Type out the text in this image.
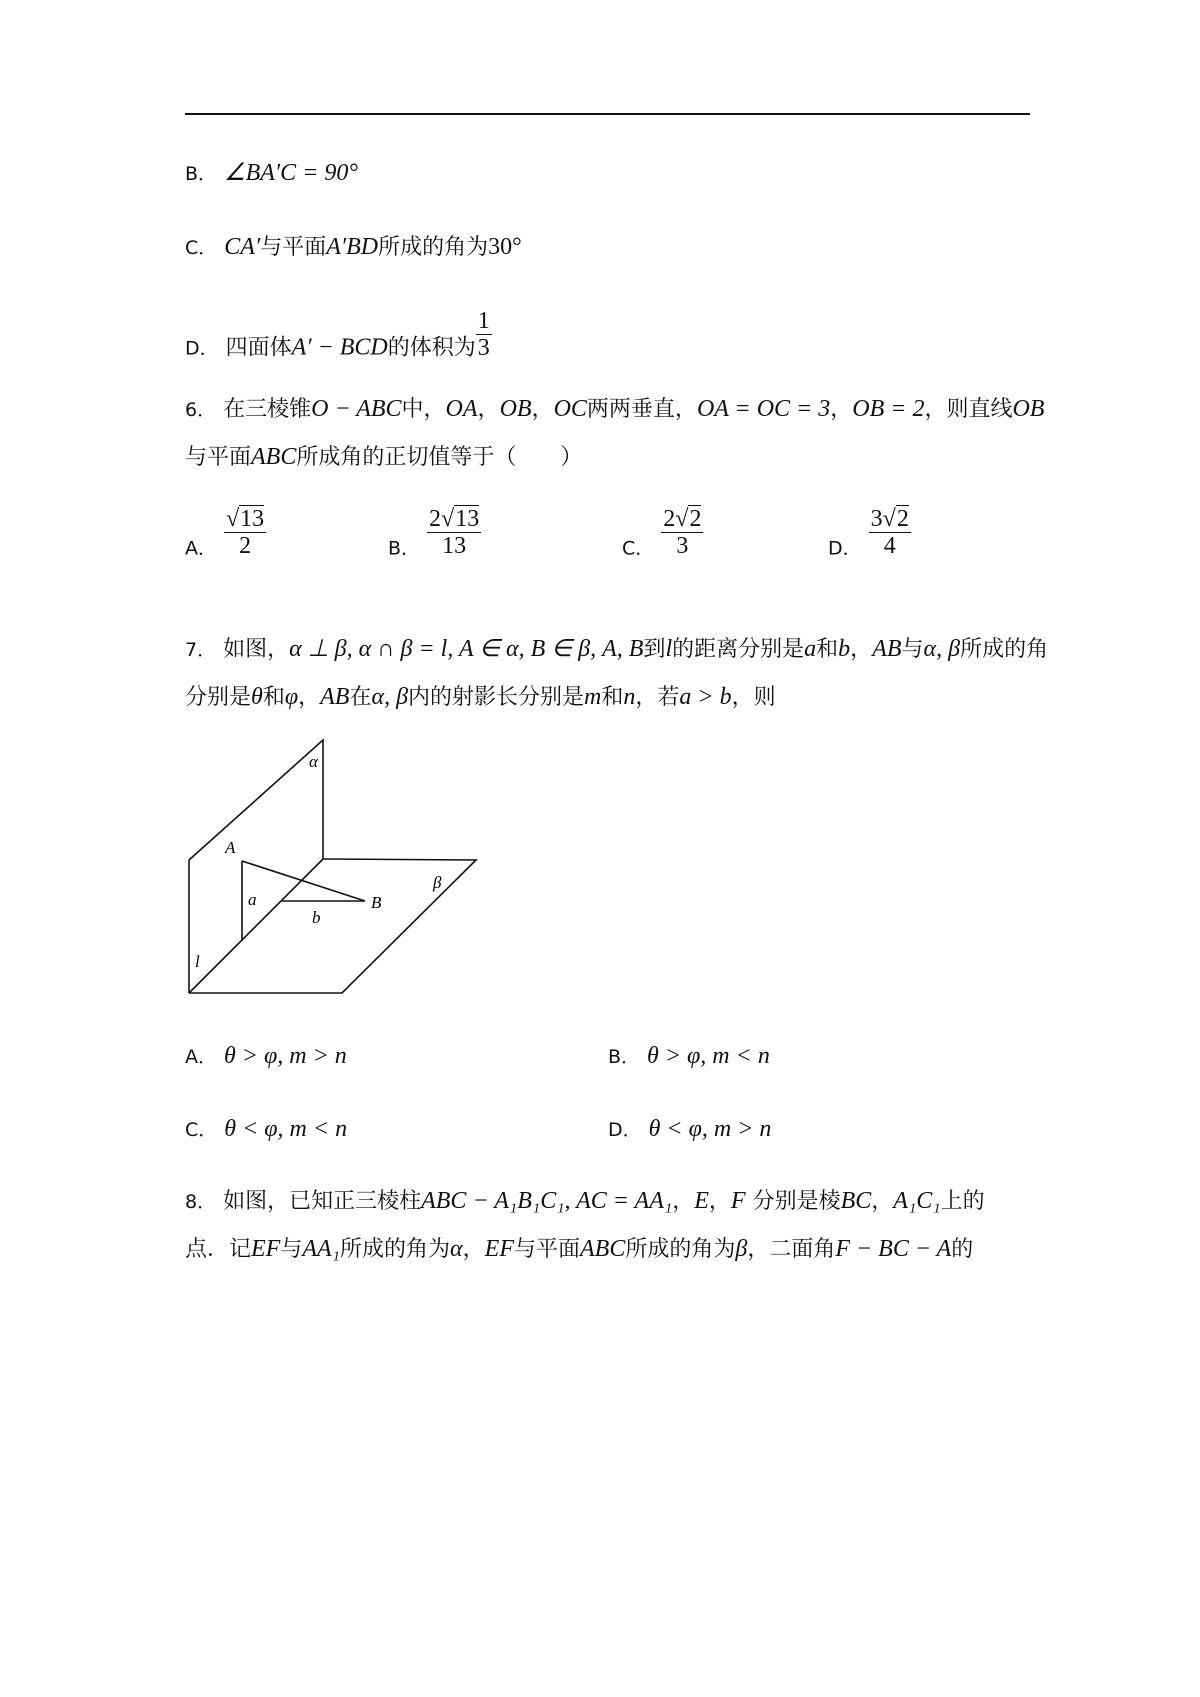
B． ∠BA′C = 90°
C． CA′与平面A′BD所成的角为30°
D． 四面体A′ − BCD的体积为 $\frac{1}{3}$
6． 在三棱锥O − ABC中，OA，OB，OC两两垂直，OA = OC = 3，OB = 2，则直线OB
与平面ABC所成角的正切值等于（　　）
A． $\frac{√13}{2}$	B． $\frac{2√13}{13}$	C． $\frac{2√2}{3}$	D． $\frac{3√2}{4}$
7． 如图，α ⊥ β, α ∩ β = l, A ∈ α, B ∈ β, A, B到l的距离分别是a和b，AB与α, β所成的角
分别是θ和φ，AB在α, β内的射影长分别是m和n，若a > b，则
α
β
A
B
a
b
l
A． θ > φ, m > n	B． θ > φ, m < n
C． θ < φ, m < n	D． θ < φ, m > n
8． 如图，已知正三棱柱ABC − A₁B₁C₁, AC = AA₁，E，F 分别是棱BC，A₁C₁上的
点．记EF与AA₁所成的角为α，EF与平面ABC所成的角为β，二面角F − BC − A的
